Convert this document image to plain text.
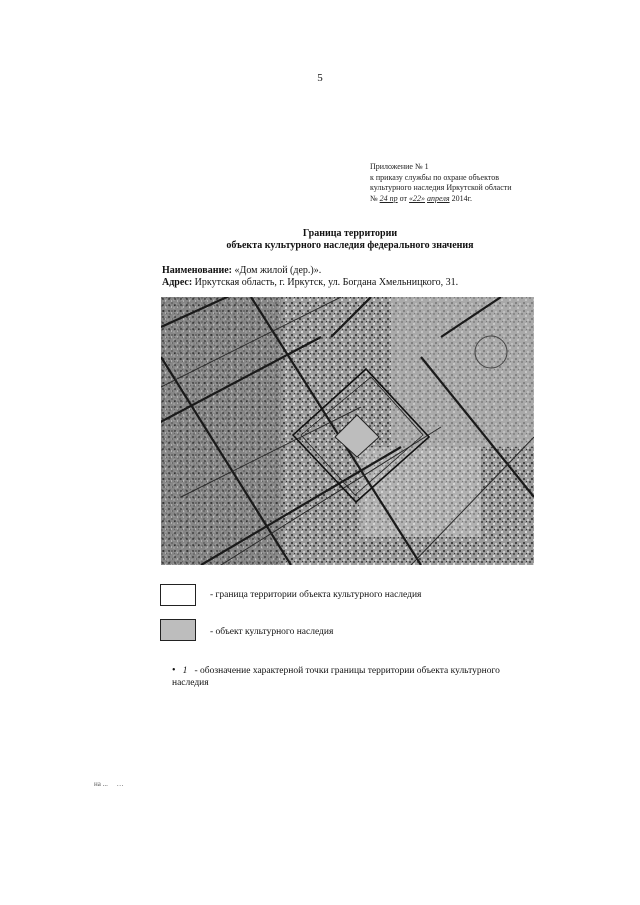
5
Приложение № 1
к приказу службы по охране объектов
культурного наследия Иркутской области
№ 24 пр от «22» апреля 2014г.
Граница территории
объекта культурного наследия федерального значения
Наименование: «Дом жилой (дер.)».
Адрес: Иркутская область, г. Иркутск, ул. Богдана Хмельницкого, 31.
- граница территории объекта культурного наследия
- объект культурного наследия
• 1 - обозначение характерной точки границы территории объекта культурного наследия
на ... …
